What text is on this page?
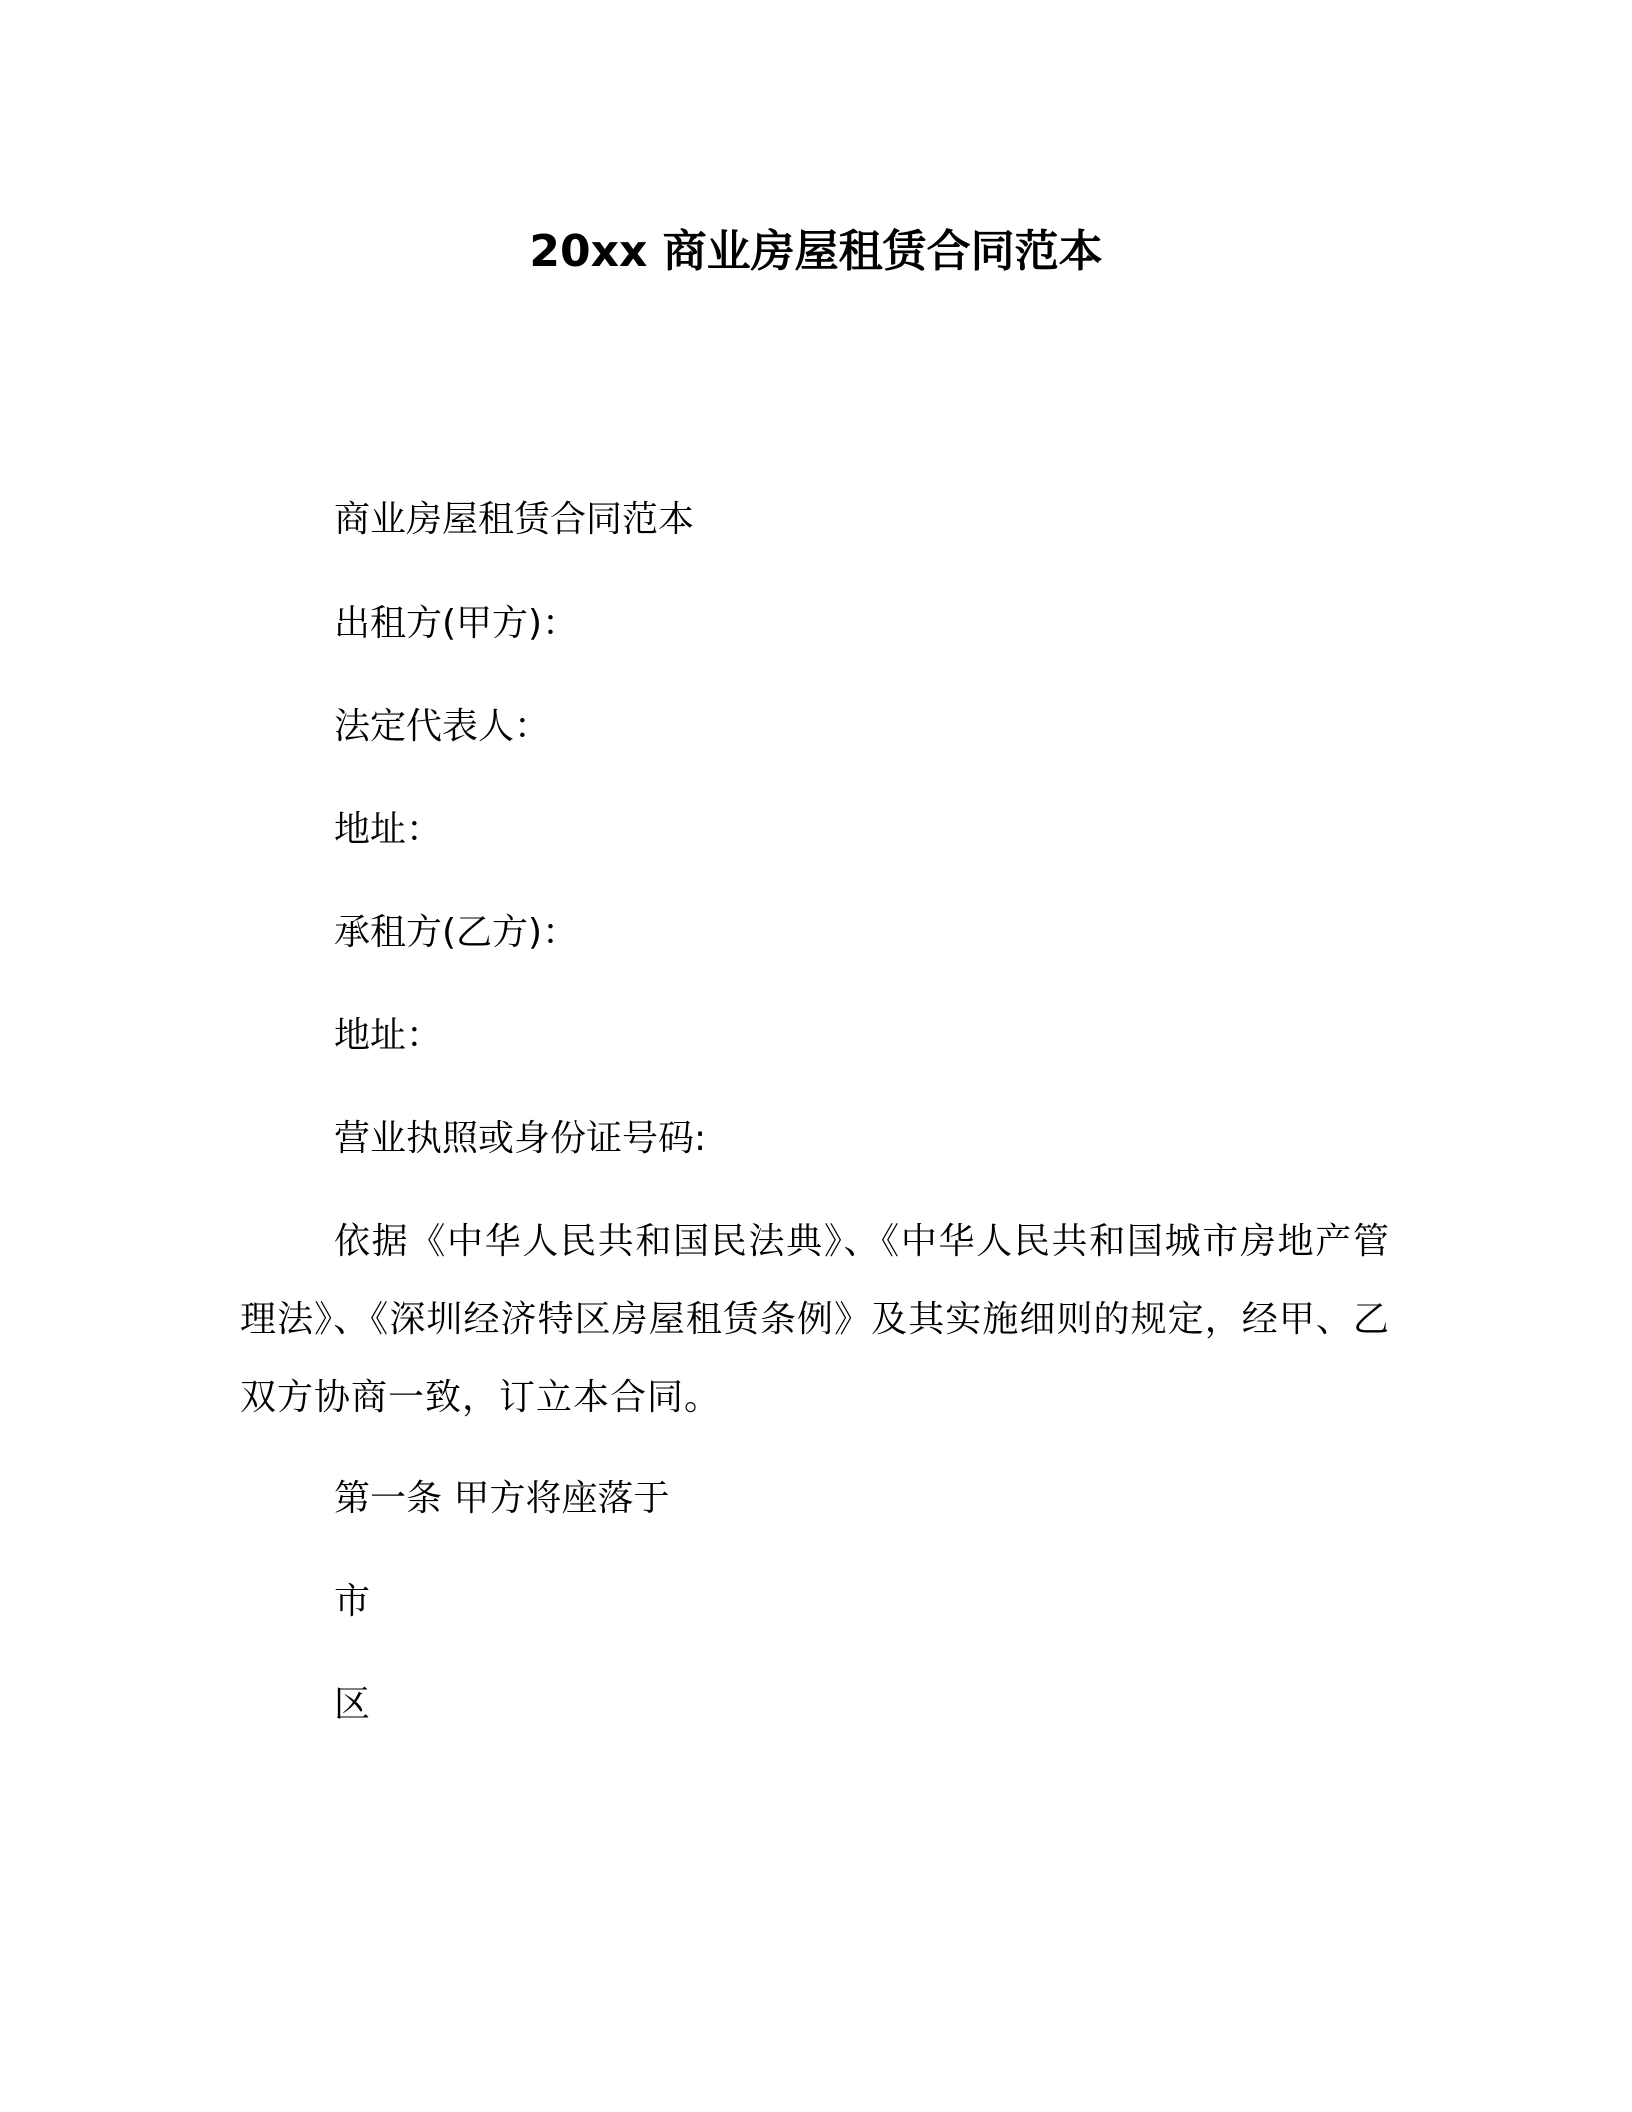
20xx 商业房屋租赁合同范本
商业房屋租赁合同范本
出租方(甲方)：
法定代表人：
地址：
承租方(乙方)：
地址：
营业执照或身份证号码:
依据《中华人民共和国民法典》、《中华人民共和国城市房地产管理法》、《深圳经济特区房屋租赁条例》及其实施细则的规定，经甲、乙双方协商一致，订立本合同。
第一条 甲方将座落于
市
区
